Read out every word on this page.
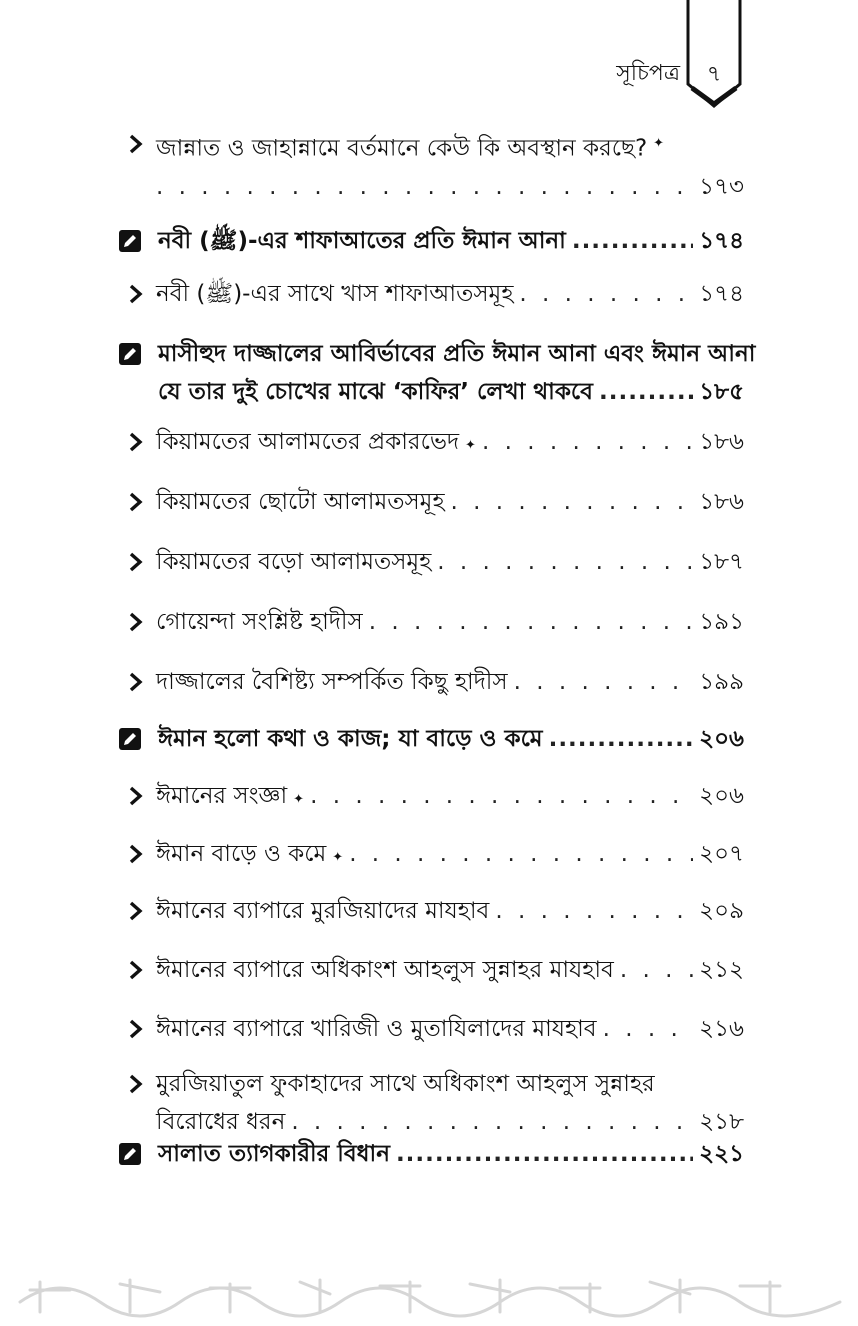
সূচিপত্র	৭
জান্নাত ও জাহান্নামে বর্তমানে কেউ কি অবস্থান করছে? ✦
. . .
১৭৩
নবী (ﷺ)-এর শাফাআতের প্রতি ঈমান আনা .....	১৭৪
নবী (ﷺ)-এর সাথে খাস শাফাআতসমূহ . . .	১৭৪
মাসীহুদ দাজ্জালের আবির্ভাবের প্রতি ঈমান আনা এবং ঈমান আনা
যে তার দুই চোখের মাঝে ‘কাফির’ লেখা থাকবে .....	১৮৫
কিয়ামতের আলামতের প্রকারভেদ ✦ . . .	১৮৬
কিয়ামতের ছোটো আলামতসমূহ . . .	১৮৬
কিয়ামতের বড়ো আলামতসমূহ . . .	১৮৭
গোয়েন্দা সংশ্লিষ্ট হাদীস . . .	১৯১
দাজ্জালের বৈশিষ্ট্য সম্পর্কিত কিছু হাদীস . . .	১৯৯
ঈমান হলো কথা ও কাজ; যা বাড়ে ও কমে .....	২০৬
ঈমানের সংজ্ঞা ✦ . . .	২০৬
ঈমান বাড়ে ও কমে ✦ . . .	২০৭
ঈমানের ব্যাপারে মুরজিয়াদের মাযহাব . . .	২০৯
ঈমানের ব্যাপারে অধিকাংশ আহলুস সুন্নাহর মাযহাব . . .	২১২
ঈমানের ব্যাপারে খারিজী ও মুতাযিলাদের মাযহাব . . .	২১৬
মুরজিয়াতুল ফুকাহাদের সাথে অধিকাংশ আহলুস সুন্নাহর
বিরোধের ধরন . . .	২১৮
সালাত ত্যাগকারীর বিধান .....	২২১
